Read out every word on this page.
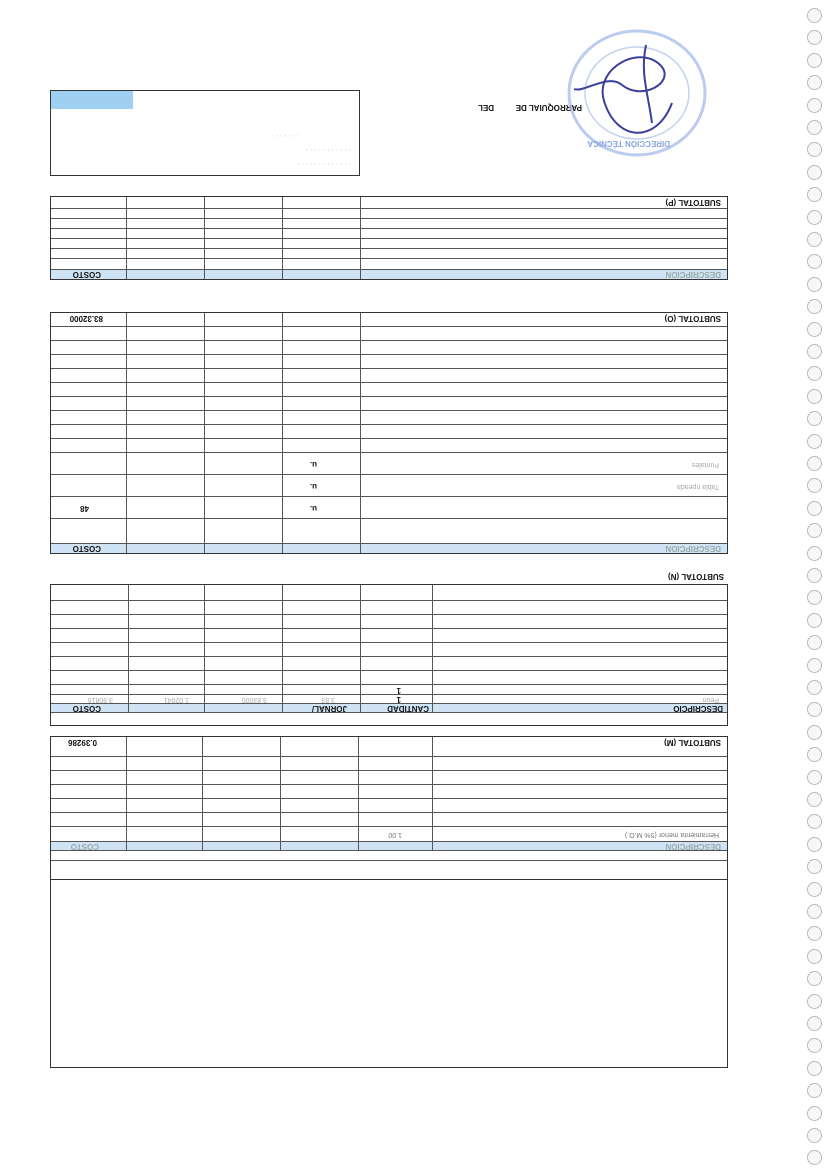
DESCRIPCION
COSTO
Herramienta menor (5% M.O.)
1.00
SUBTOTAL (M)
0.39286
DESCRIPCIO
CANTIDAD
JORNAL/
COSTO
Peón
1
3.83
3.83000
1.02041
3.90816
1
SUBTOTAL (N)
DESCRIPCION
COSTO
u.
48
Tabla ripeada
u.
Puntales
u.
SUBTOTAL (O)
83.32000
DESCRIPCION
COSTO
SUBTOTAL (P)
· · · · · · · · · · · · ·
· · · · · · · · · · ·
· · · · · · ·
DEL	PARROQUIAL DE
DIRECCIÓN TÉCNICA
